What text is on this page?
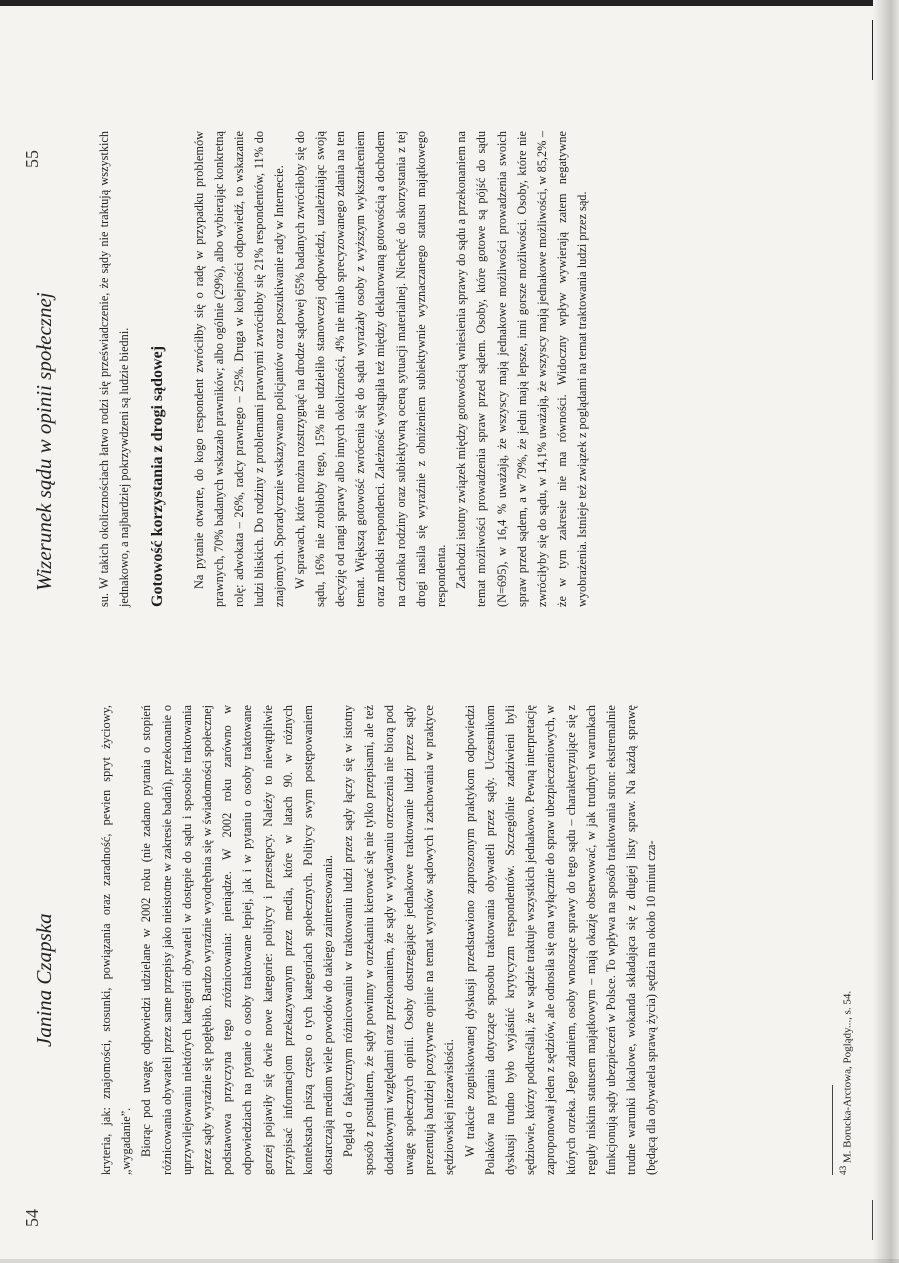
54
Janina Czapska	kryteria, jak: znajomości, stosunki, powiązania oraz zaradność, pewien spryt życiowy, „wygadanie”. Biorąc pod uwagę odpowiedzi udzielane w 2002 roku (nie zadano pytania o stopień różnicowania obywateli przez same przepisy jako nieistotne w zakresie badań), przekonanie o uprzywilejowaniu niektórych kategorii obywateli w dostępie do sądu i sposobie traktowania przez sądy wyraźnie się pogłębiło. Bardzo wyraźnie wyodrębnia się w świadomości społecznej podstawowa przyczyna tego zróżnicowania: pieniądze. W 2002 roku zarówno w odpowiedziach na pytanie o osoby traktowane lepiej, jak i w pytaniu o osoby traktowane gorzej pojawiły się dwie nowe kategorie: politycy i przestępcy. Należy to niewątpliwie przypisać informacjom przekazywanym przez media, które w latach 90. w różnych kontekstach piszą często o tych kategoriach społecznych. Politycy swym postępowaniem dostarczają mediom wiele powodów do takiego zainteresowania. Pogląd o faktycznym różnicowaniu w traktowaniu ludzi przez sądy łączy się w istotny sposób z postulatem, że sądy powinny w orzekaniu kierować się nie tylko przepisami, ale też dodatkowymi względami oraz przekonaniem, że sądy w wydawaniu orzeczenia nie biorą pod uwagę społecznych opinii. Osoby dostrzegające jednakowe traktowanie ludzi przez sądy prezentują bardziej pozytywne opinie na temat wyroków sądowych i zachowania w praktyce sędziowskiej niezawisłości. W trakcie zogniskowanej dyskusji przedstawiono zaproszonym praktykom odpowiedzi Polaków na pytania dotyczące sposobu traktowania obywateli przez sądy. Uczestnikom dyskusji trudno było wyjaśnić krytycyzm respondentów. Szczególnie zadziwieni byli sędziowie, którzy podkreślali, że w sądzie traktuje wszystkich jednakowo. Pewną interpretację zaproponował jeden z sędziów, ale odnosiła się ona wyłącznie do spraw ubezpieczeniowych, w których orzeka. Jego zdaniem, osoby wnoszące sprawy do tego sądu – charakteryzujące się z reguły niskim statusem majątkowym – mają okazję obserwować, w jak trudnych warunkach funkcjonują sądy ubezpieczeń w Polsce. To wpływa na sposób traktowania stron: ekstremalnie trudne warunki lokalowe, wokanda składająca się z długiej listy spraw. Na każdą sprawę (będącą dla obywatela sprawą życia) sędzia ma około 10 minut cza-	$^{43}$ M. Borucka-Arctowa, Poglądy..., s. 54.
Wizerunek sądu w opinii społecznej	su. W takich okolicznościach łatwo rodzi się przeświadczenie, że sądy nie traktują wszystkich jednakowo, a najbardziej pokrzywdzeni są ludzie biedni. Gotowość korzystania z drogi sądowej Na pytanie otwarte, do kogo respondent zwróciłby się o radę w przypadku problemów prawnych, 70% badanych wskazało prawników; albo ogólnie (29%), albo wybierając konkretną rolę: adwokata – 26%, radcy prawnego – 25%. Druga w kolejności odpowiedź, to wskazanie ludzi bliskich. Do rodziny z problemami prawnymi zwróciłoby się 21% respondentów, 11% do znajomych. Sporadycznie wskazywano policjantów oraz poszukiwanie rady w Internecie. W sprawach, które można rozstrzygnąć na drodze sądowej 65% badanych zwróciłoby się do sądu, 16% nie zrobiłoby tego, 15% nie udzieliło stanowczej odpowiedzi, uzależniając swoją decyzję od rangi sprawy albo innych okoliczności, 4% nie miało sprecyzowanego zdania na ten temat. Większą gotowość zwrócenia się do sądu wyrażały osoby z wyższym wykształceniem oraz młodsi respondenci. Zależność wystąpiła też między deklarowaną gotowością a dochodem na członka rodziny oraz subiektywną oceną sytuacji materialnej. Niechęć do skorzystania z tej drogi nasila się wyraźnie z obniżeniem subiektywnie wyznaczanego statusu majątkowego respondenta. Zachodzi istotny związek między gotowością wniesienia sprawy do sądu a przekonaniem na temat możliwości prowadzenia spraw przed sądem. Osoby, które gotowe są pójść do sądu (N=695), w 16,4 % uważają, że wszyscy mają jednakowe możliwości prowadzenia swoich spraw przed sądem, a w 79%, że jedni mają lepsze, inni gorsze możliwości. Osoby, które nie zwróciłyby się do sądu, w 14,1% uważają, że wszyscy mają jednakowe możliwości, w 85,2% – że w tym zakresie nie ma równości. Widoczny wpływ wywierają zatem negatywne wyobrażenia. Istnieje też związek z poglądami na temat traktowania ludzi przez sąd.

55
